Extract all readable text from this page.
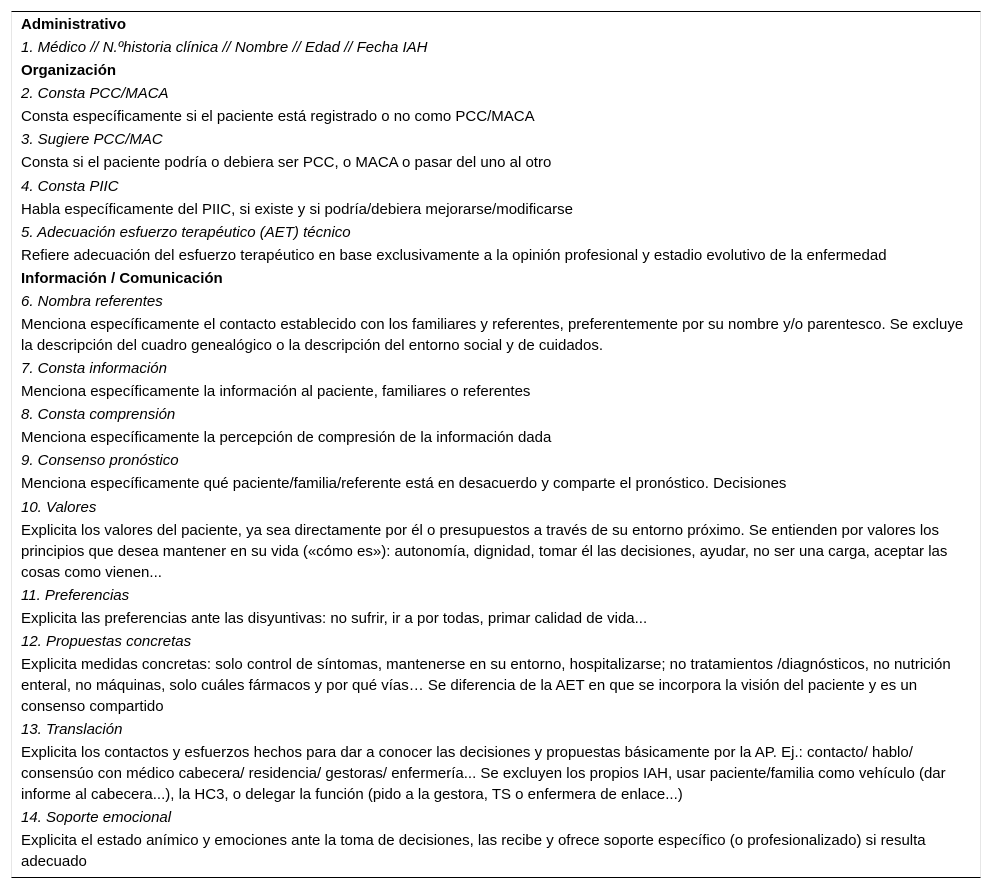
Administrativo
1. Médico // N.ºhistoria clínica // Nombre // Edad // Fecha IAH
Organización
2. Consta PCC/MACA
Consta específicamente si el paciente está registrado o no como PCC/MACA
3. Sugiere PCC/MAC
Consta si el paciente podría o debiera ser PCC, o MACA o pasar del uno al otro
4. Consta PIIC
Habla específicamente del PIIC, si existe y si podría/debiera mejorarse/modificarse
5. Adecuación esfuerzo terapéutico (AET) técnico
Refiere adecuación del esfuerzo terapéutico en base exclusivamente a la opinión profesional y estadio evolutivo de la enfermedad
Información / Comunicación
6. Nombra referentes
Menciona específicamente el contacto establecido con los familiares y referentes, preferentemente por su nombre y/o parentesco. Se excluye la descripción del cuadro genealógico o la descripción del entorno social y de cuidados.
7. Consta información
Menciona específicamente la información al paciente, familiares o referentes
8. Consta comprensión
Menciona específicamente la percepción de compresión de la información dada
9. Consenso pronóstico
Menciona específicamente qué paciente/familia/referente está en desacuerdo y comparte el pronóstico. Decisiones
10. Valores
Explicita los valores del paciente, ya sea directamente por él o presupuestos a través de su entorno próximo. Se entienden por valores los principios que desea mantener en su vida («cómo es»): autonomía, dignidad, tomar él las decisiones, ayudar, no ser una carga, aceptar las cosas como vienen...
11. Preferencias
Explicita las preferencias ante las disyuntivas: no sufrir, ir a por todas, primar calidad de vida...
12. Propuestas concretas
Explicita medidas concretas: solo control de síntomas, mantenerse en su entorno, hospitalizarse; no tratamientos /diagnósticos, no nutrición enteral, no máquinas, solo cuáles fármacos y por qué vías… Se diferencia de la AET en que se incorpora la visión del paciente y es un consenso compartido
13. Translación
Explicita los contactos y esfuerzos hechos para dar a conocer las decisiones y propuestas básicamente por la AP. Ej.: contacto/ hablo/ consensúo con médico cabecera/ residencia/ gestoras/ enfermería... Se excluyen los propios IAH, usar paciente/familia como vehículo (dar informe al cabecera...), la HC3, o delegar la función (pido a la gestora, TS o enfermera de enlace...)
14. Soporte emocional
Explicita el estado anímico y emociones ante la toma de decisiones, las recibe y ofrece soporte específico (o profesionalizado) si resulta adecuado
